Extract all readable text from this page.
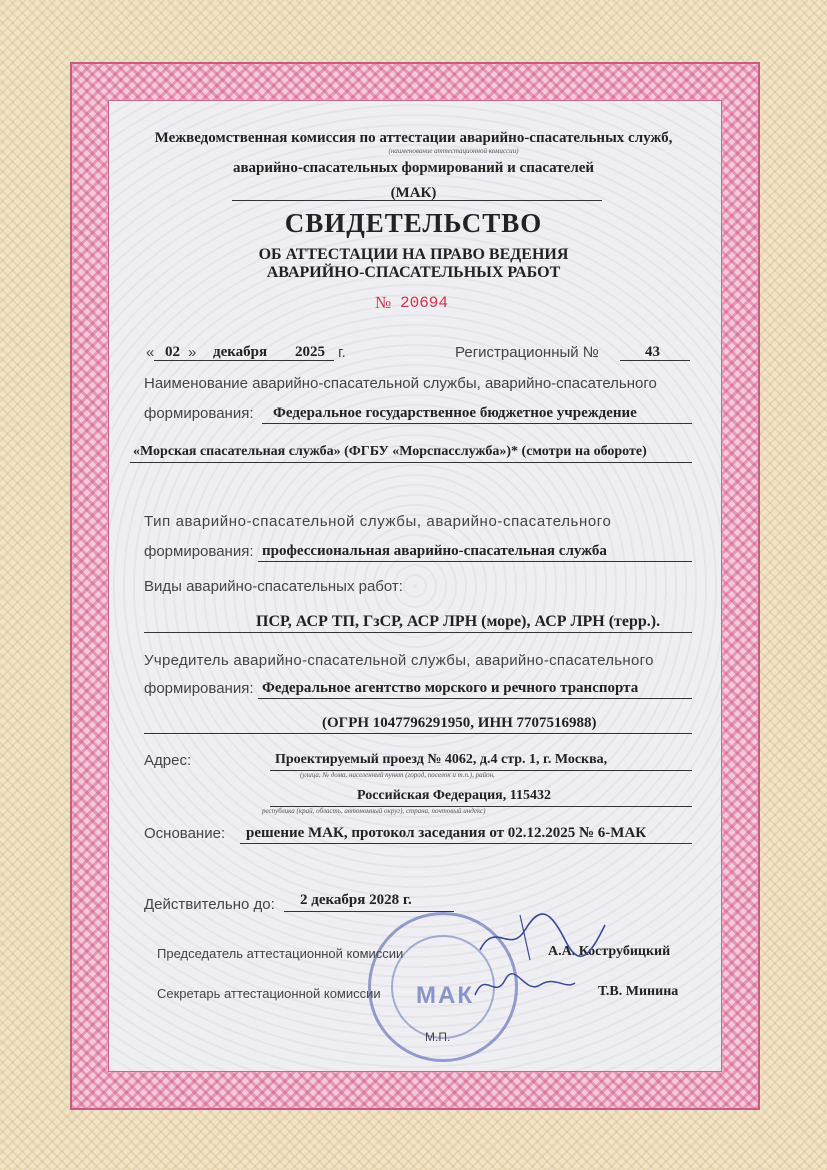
Межведомственная комиссия по аттестации аварийно-спасательных служб,
(наименование аттестационной комиссии)
аварийно-спасательных формирований и спасателей
(МАК)
СВИДЕТЕЛЬСТВО
ОБ АТТЕСТАЦИИ НА ПРАВО ВЕДЕНИЯ
АВАРИЙНО-СПАСАТЕЛЬНЫХ РАБОТ
№ 20694
« 02 » декабря 2025 г.	Регистрационный №	43
Наименование аварийно-спасательной службы, аварийно-спасательного
формирования: Федеральное государственное бюджетное учреждение
«Морская спасательная служба» (ФГБУ «Морспасслужба»)* (смотри на обороте)
Тип аварийно-спасательной службы, аварийно-спасательного
формирования: профессиональная аварийно-спасательная служба
Виды аварийно-спасательных работ:
ПСР, АСР ТП, ГзСР, АСР ЛРН (море), АСР ЛРН (терр.).
Учредитель аварийно-спасательной службы, аварийно-спасательного
формирования: Федеральное агентство морского и речного транспорта
(ОГРН 1047796291950, ИНН 7707516988)
Адрес:	Проектируемый проезд № 4062, д.4 стр. 1, г. Москва,
(улица, № дома, населенный пункт (город, поселок и т.п.), район,
Российская Федерация, 115432
республика (край, область, автономный округ), страна, почтовый индекс)
Основание: решение МАК, протокол заседания от 02.12.2025 № 6-МАК
Действительно до: 2 декабря 2028 г.
МАК
Председатель аттестационной комиссии	А.А. Кострубицкий
Секретарь аттестационной комиссии	Т.В. Минина
М.П.
